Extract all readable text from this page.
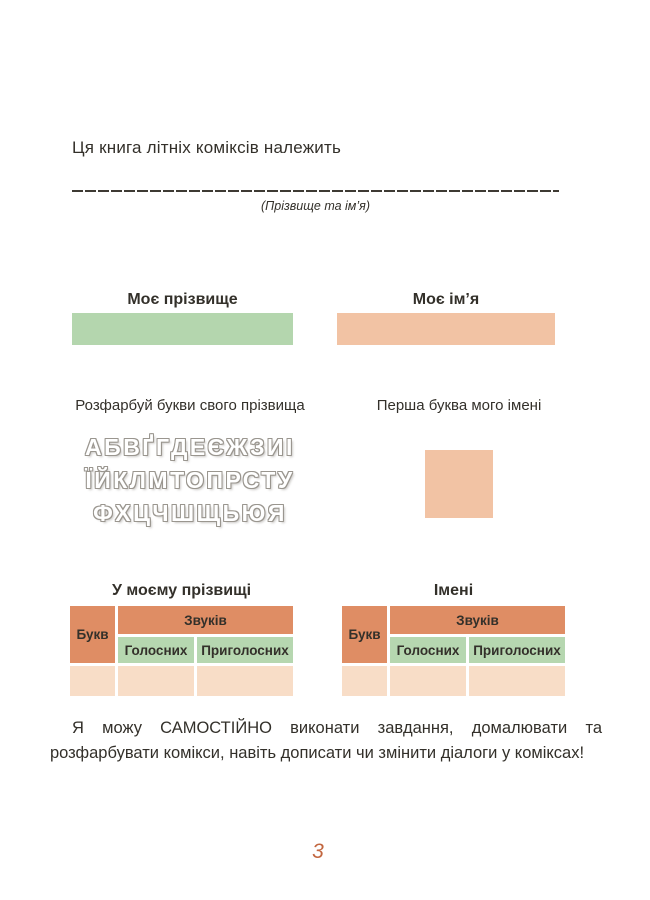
Ця книга літніх коміксів належить
(Прізвище та ім’я)
Моє прізвище	Моє ім’я
Розфарбуй букви свого прізвища	Перша буква мого імені
АБВҐГДЕЄЖЗИІ
ЇЙКЛМТОПРСТУ
ФХЦЧШЩЬЮЯ
У моєму прізвищі	Імені
Букв
Звуків
Голосних	Приголосних
Букв
Звуків
Голосних	Приголосних

Я можу САМОСТІЙНО виконати завдання, домалювати та розфарбувати комікси, навіть дописати чи змінити діалоги у коміксах!

3
